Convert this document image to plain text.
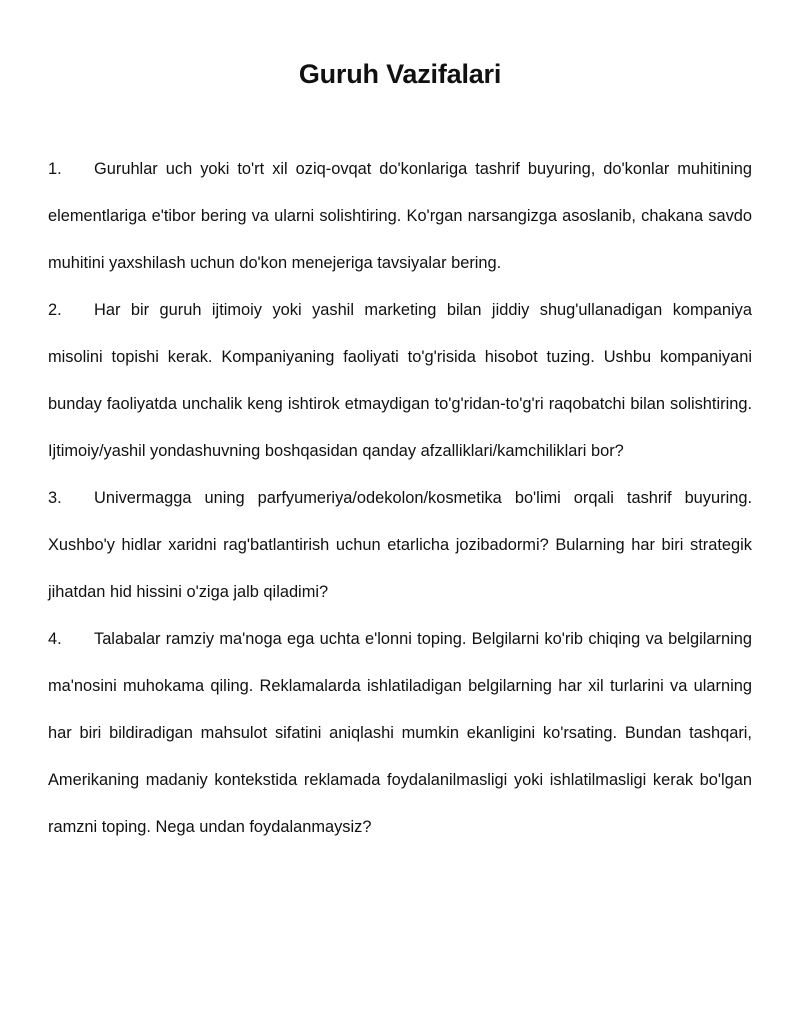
Guruh Vazifalari

1. Guruhlar uch yoki to'rt xil oziq-ovqat do'konlariga tashrif buyuring, do'konlar muhitining elementlariga e'tibor bering va ularni solishtiring. Ko'rgan narsangizga asoslanib, chakana savdo muhitini yaxshilash uchun do'kon menejeriga tavsiyalar bering.

2. Har bir guruh ijtimoiy yoki yashil marketing bilan jiddiy shug'ullanadigan kompaniya misolini topishi kerak. Kompaniyaning faoliyati to'g'risida hisobot tuzing. Ushbu kompaniyani bunday faoliyatda unchalik keng ishtirok etmaydigan to'g'ridan-to'g'ri raqobatchi bilan solishtiring. Ijtimoiy/yashil yondashuvning boshqasidan qanday afzalliklari/kamchiliklari bor?

3. Univermagga uning parfyumeriya/odekolon/kosmetika bo'limi orqali tashrif buyuring. Xushbo'y hidlar xaridni rag'batlantirish uchun etarlicha jozibadormi? Bularning har biri strategik jihatdan hid hissini o'ziga jalb qiladimi?

4. Talabalar ramziy ma'noga ega uchta e'lonni toping. Belgilarni ko'rib chiqing va belgilarning ma'nosini muhokama qiling. Reklamalarda ishlatiladigan belgilarning har xil turlarini va ularning har biri bildiradigan mahsulot sifatini aniqlashi mumkin ekanligini ko'rsating. Bundan tashqari, Amerikaning madaniy kontekstida reklamada foydalanilmasligi yoki ishlatilmasligi kerak bo'lgan ramzni toping. Nega undan foydalanmaysiz?
